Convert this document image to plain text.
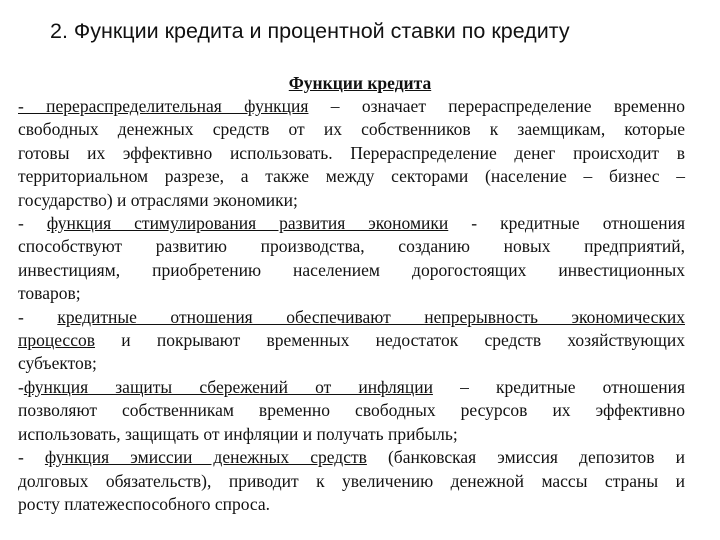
2. Функции кредита и процентной ставки по кредиту
Функции кредита

- перераспределительная функция – означает перераспределение временно

свободных денежных средств от их собственников к заемщикам, которые

готовы их эффективно использовать. Перераспределение денег происходит в

территориальном разрезе, а также между секторами (население – бизнес –

государство) и отраслями экономики;

- функция стимулирования развития экономики - кредитные отношения

способствуют развитию производства, созданию новых предприятий,

инвестициям, приобретению населением дорогостоящих инвестиционных

товаров;

- кредитные отношения обеспечивают непрерывность экономических

процессов и покрывают временных недостаток средств хозяйствующих

субъектов;

-функция защиты сбережений от инфляции – кредитные отношения

позволяют собственникам временно свободных ресурсов их эффективно

использовать, защищать от инфляции и получать прибыль;

- функция эмиссии денежных средств (банковская эмиссия депозитов и

долговых обязательств), приводит к увеличению денежной массы страны и

росту платежеспособного спроса.
